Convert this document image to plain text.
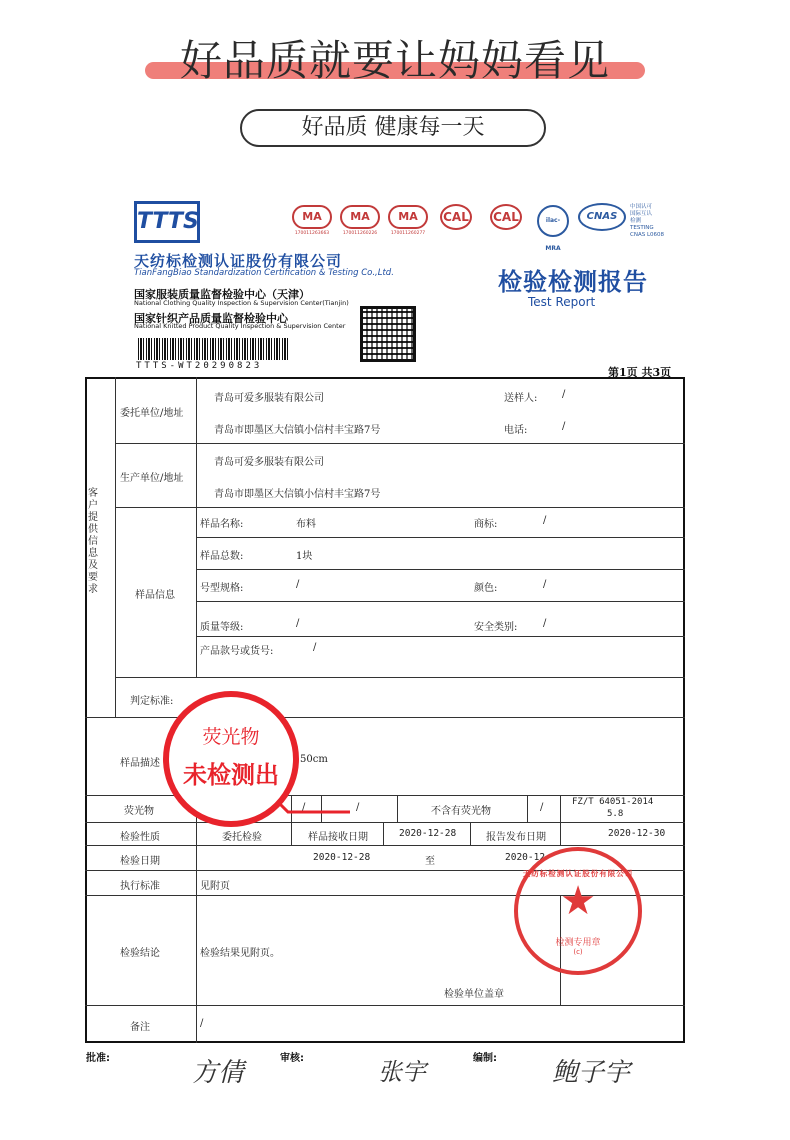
好品质就要让妈妈看见
好品质 健康每一天
TTTS
天纺标检测认证股份有限公司
TianFangBiao Standardization Certification & Testing Co.,Ltd.
国家服装质量监督检验中心（天津）
National Clothing Quality Inspection & Supervision Center(Tianjin)
国家针织产品质量监督检验中心
National Knitted Product Quality Inspection & Supervision Center
TTTS-WT20290823
检验检测报告
Test Report
MA
170011263663
MA
170011260226
MA
170011260277
CAL CAL	ilac-MRA
CNAS
中国认可
国际互认
检测
TESTING
CNAS L0608
第1页 共3页
客户提供信息及要求
委托单位/地址
青岛可爱多服装有限公司
青岛市即墨区大信镇小信村丰宝路7号
送样人: /
电话:	/
生产单位/地址
青岛可爱多服装有限公司
青岛市即墨区大信镇小信村丰宝路7号
样品信息
样品名称:	布料	商标:	/
样品总数:	1块
号型规格:	/	颜色:	/
质量等级:	/	安全类别:	/
产品款号或货号:	/
判定标准:
样品描述	50cm
荧光物	/	/	不含有荧光物	/	FZ/T 64051-2014
5.8
检验性质	委托检验	样品接收日期	2020-12-28	报告发布日期	2020-12-30
检验日期	2020-12-28	至	2020-12-
执行标准	见附页
检验结论	检验结果见附页。
检验单位盖章
备注	/
荧光物
未检测出
天纺标检测认证股份有限公司
★
检测专用章
(c)
批准:	方倩	审核:	张宇	编制: 鲍子宇
